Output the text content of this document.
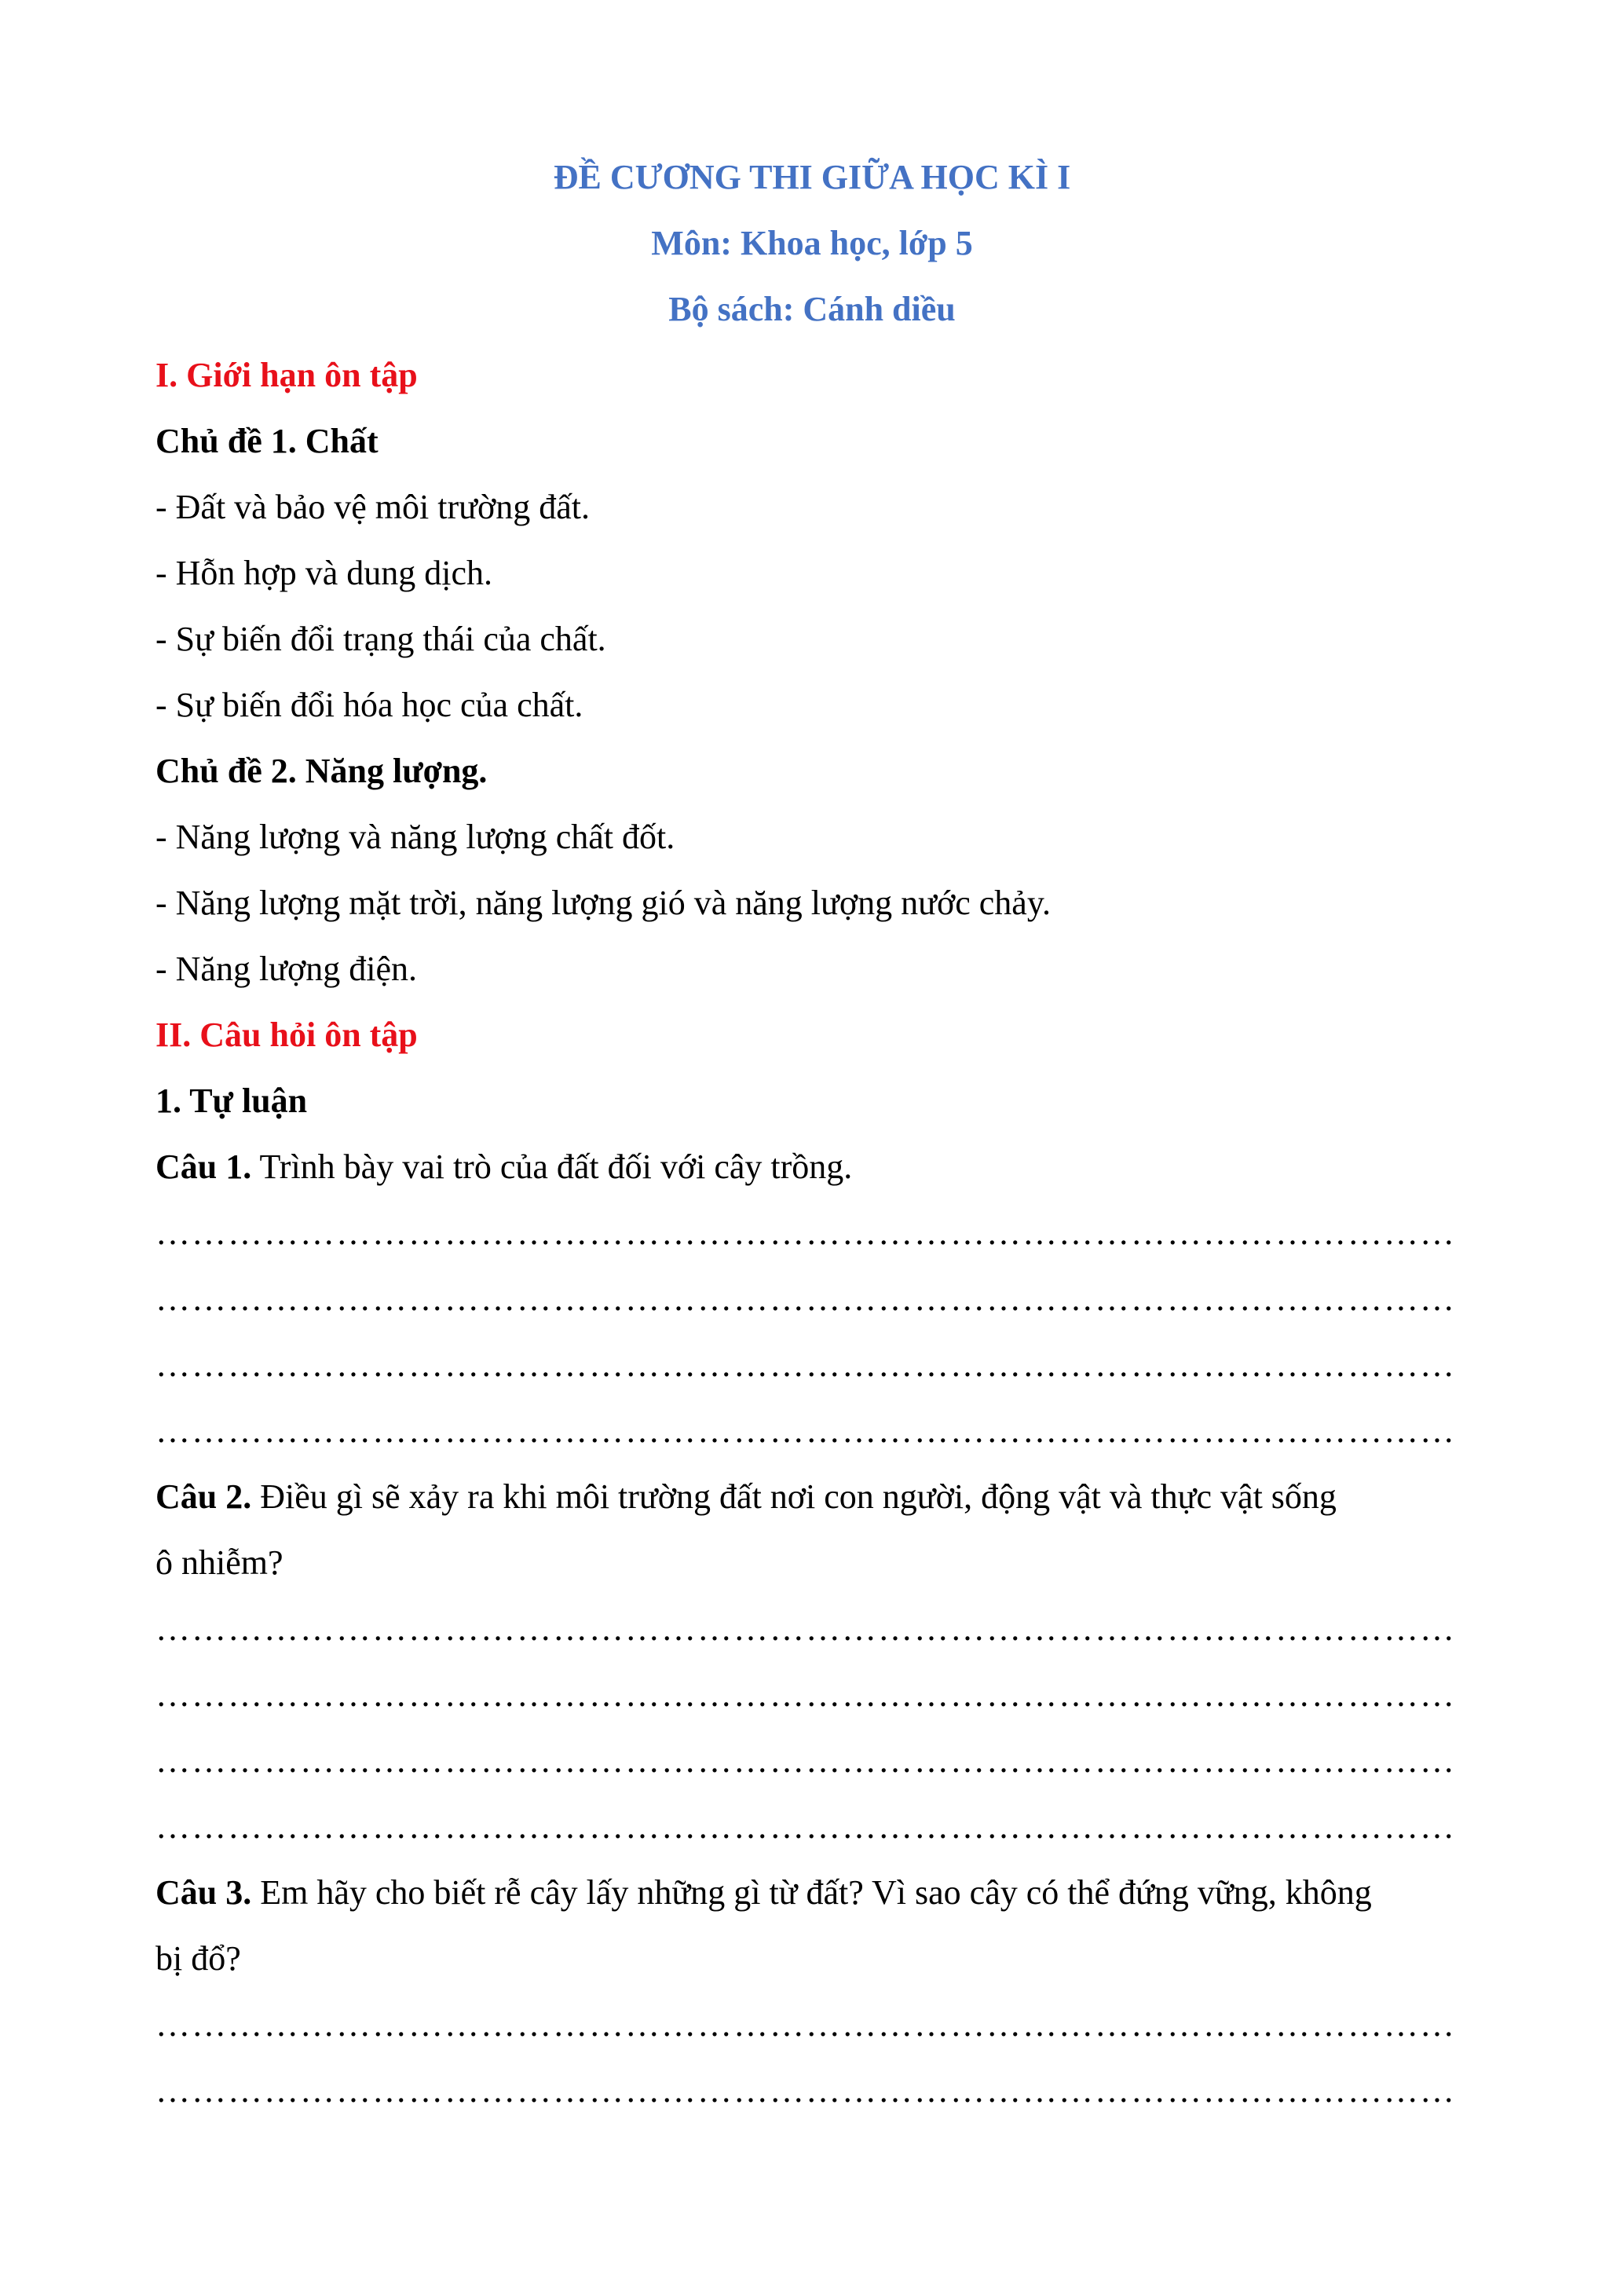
ĐỀ CƯƠNG THI GIỮA HỌC KÌ I
Môn: Khoa học, lớp 5
Bộ sách: Cánh diều
I. Giới hạn ôn tập
Chủ đề 1. Chất
- Đất và bảo vệ môi trường đất.
- Hỗn hợp và dung dịch.
- Sự biến đổi trạng thái của chất.
- Sự biến đổi hóa học của chất.
Chủ đề 2. Năng lượng.
- Năng lượng và năng lượng chất đốt.
- Năng lượng mặt trời, năng lượng gió và năng lượng nước chảy.
- Năng lượng điện.
II. Câu hỏi ôn tập
1. Tự luận
Câu 1. Trình bày vai trò của đất đối với cây trồng.
………………………………………………………………………………………………
………………………………………………………………………………………………
………………………………………………………………………………………………
………………………………………………………………………………………………
Câu 2. Điều gì sẽ xảy ra khi môi trường đất nơi con người, động vật và thực vật sống
ô nhiễm?
………………………………………………………………………………………………
………………………………………………………………………………………………
………………………………………………………………………………………………
………………………………………………………………………………………………
Câu 3. Em hãy cho biết rễ cây lấy những gì từ đất? Vì sao cây có thể đứng vững, không
bị đổ?
………………………………………………………………………………………………
………………………………………………………………………………………………
